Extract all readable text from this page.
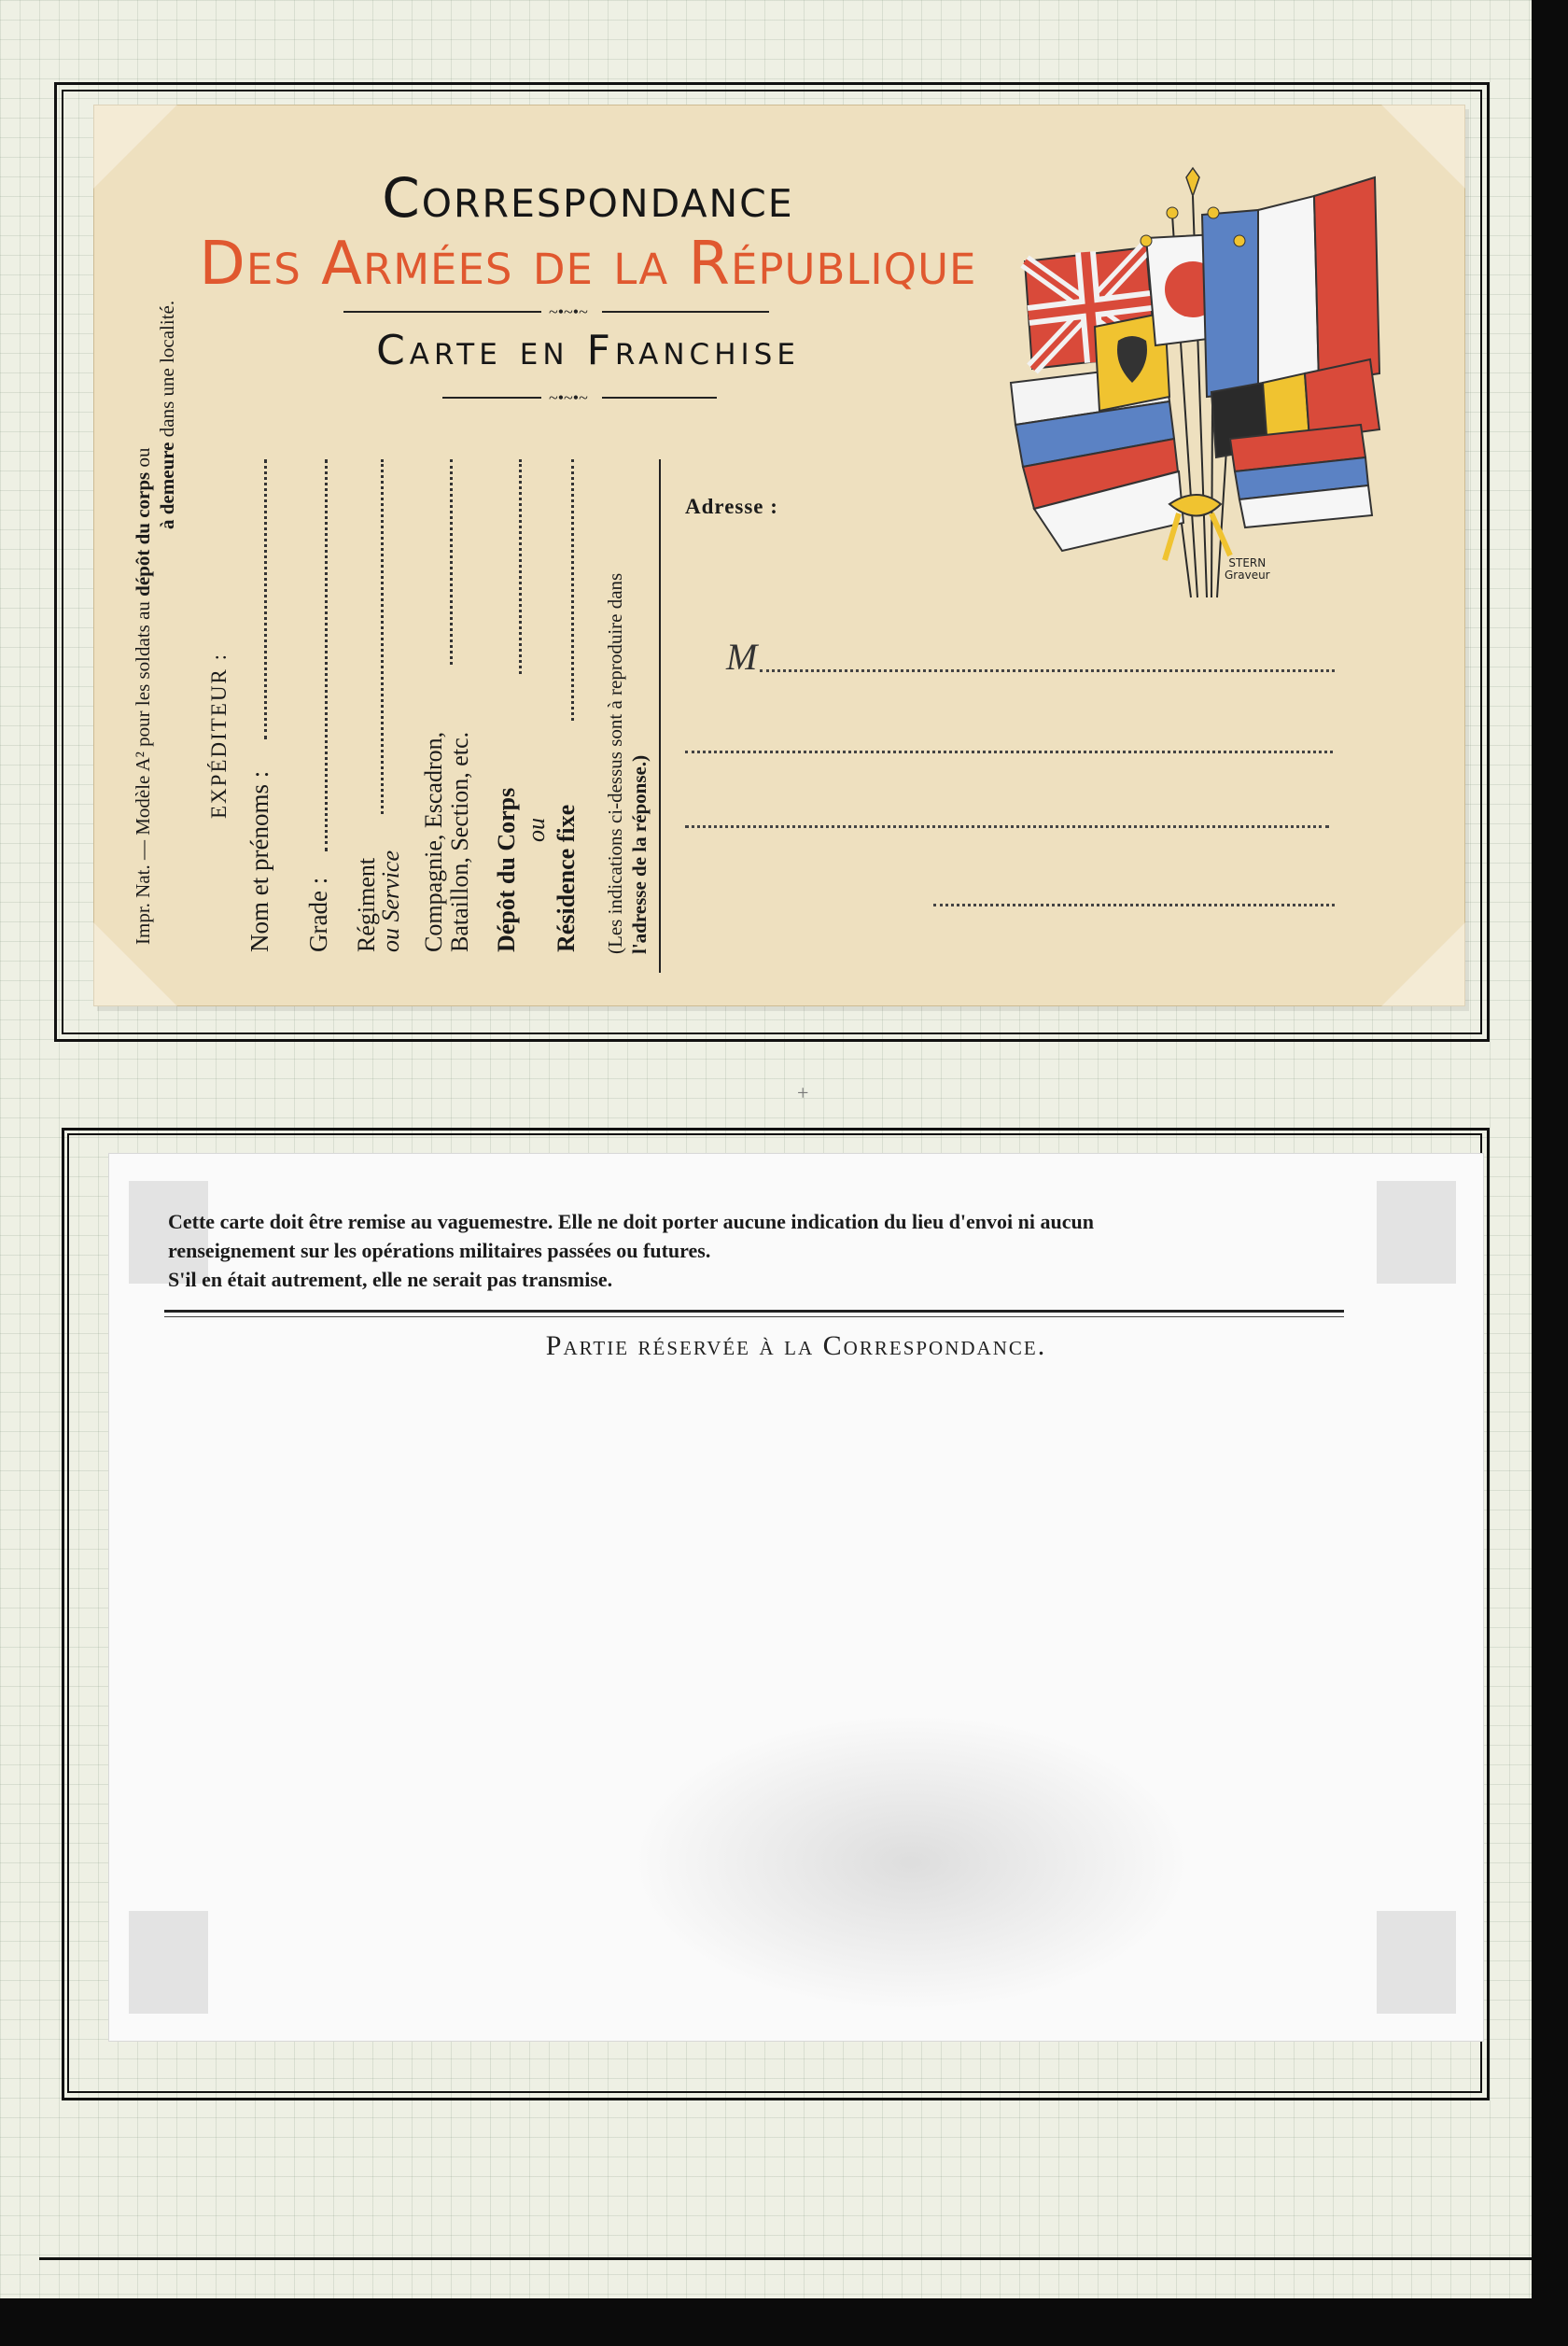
+
Correspondance
Des Armées de la République
~•~•~
Carte en Franchise
~•~•~
STERN
Graveur
Impr. Nat. — Modèle A² pour les soldats au dépôt du corps ou à demeure dans une localité.
EXPÉDITEUR :
Nom et prénoms : Grade : Régiment
ou Service Compagnie, Escadron, Bataillon, Section, etc. Dépôt du Corps ou Résidence fixe (Les indications ci-dessus sont à reproduire dans l'adresse de la réponse.)
Adresse :
M
Cette carte doit être remise au vaguemestre. Elle ne doit porter aucune indication du lieu d'envoi ni aucun
renseignement sur les opérations militaires passées ou futures.
S'il en était autrement, elle ne serait pas transmise.
Partie réservée à la Correspondance.
